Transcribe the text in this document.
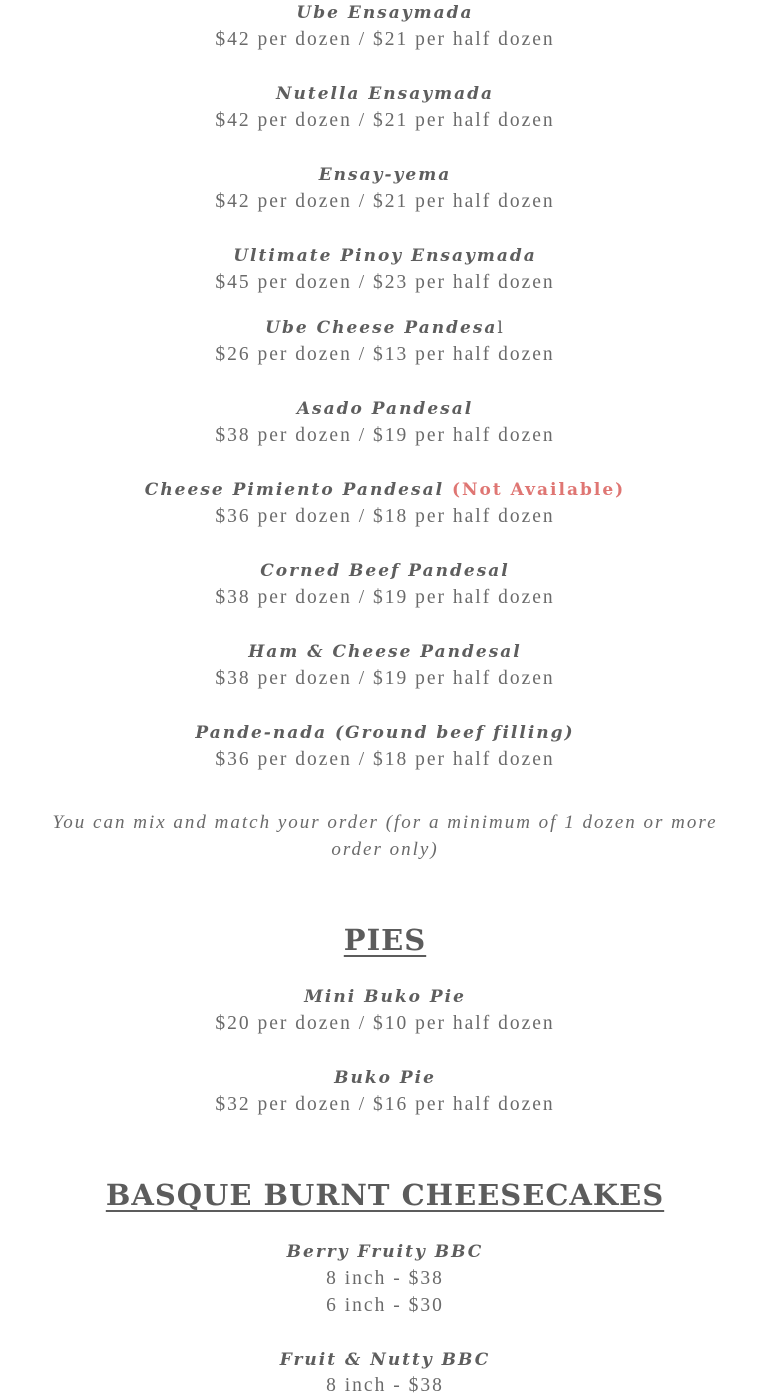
Ube Ensaymada
$42 per dozen / $21 per half dozen
Nutella Ensaymada
$42 per dozen / $21 per half dozen
Ensay-yema
$42 per dozen / $21 per half dozen
Ultimate Pinoy Ensaymada
$45 per dozen / $23 per half dozen
Ube Cheese Pandesal
$26 per dozen / $13 per half dozen
Asado Pandesal
$38 per dozen / $19 per half dozen
Cheese Pimiento Pandesal (Not Available)
$36 per dozen / $18 per half dozen
Corned Beef Pandesal
$38 per dozen / $19 per half dozen
Ham & Cheese Pandesal
$38 per dozen / $19 per half dozen
Pande-nada (Ground beef filling)
$36 per dozen / $18 per half dozen
You can mix and match your order (for a minimum of 1 dozen or more order only)
PIES
Mini Buko Pie
$20 per dozen / $10 per half dozen
Buko Pie
$32 per dozen / $16 per half dozen
BASQUE BURNT CHEESECAKES
Berry Fruity BBC
8 inch - $38
6 inch - $30
Fruit & Nutty BBC
8 inch - $38
